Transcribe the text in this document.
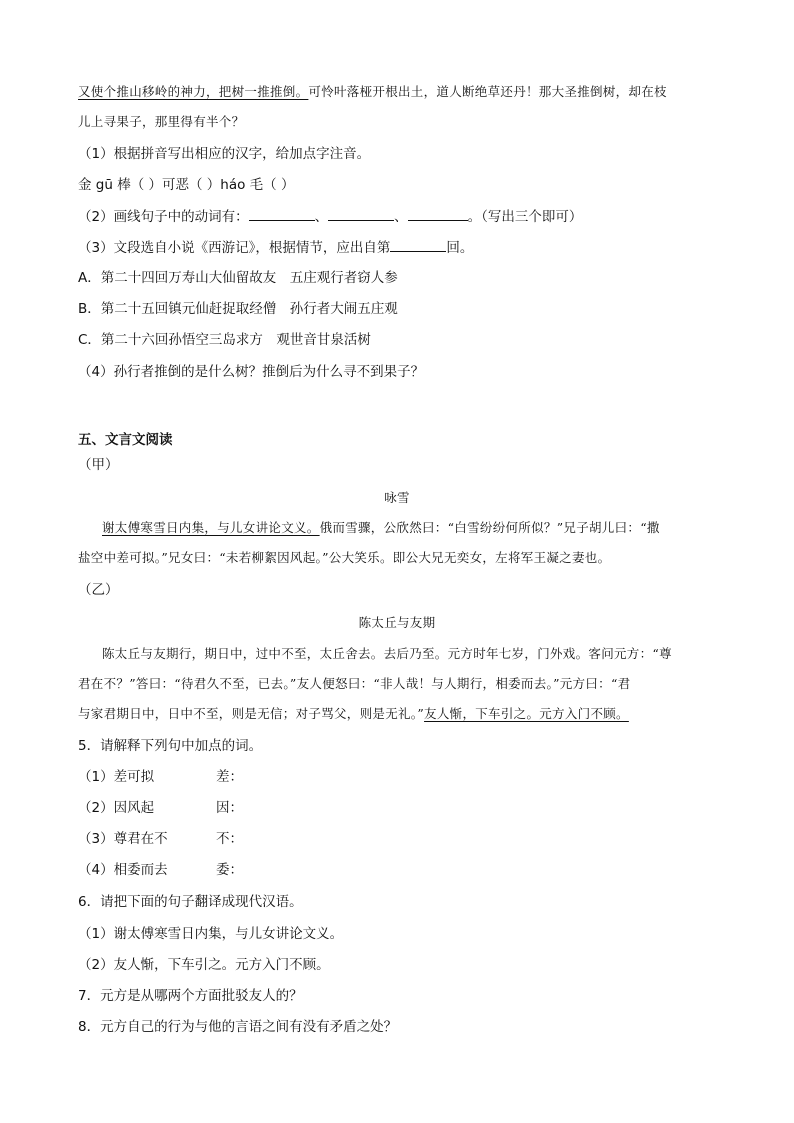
又使个推山移岭的神力，把树一推推倒。可怜叶落桠开根出土，道人断绝草还丹！那大圣推倒树，却在枝
儿上寻果子，那里得有半个？
（1）根据拼音写出相应的汉字，给加点字注音。
金 gū 棒（ ）可恶（ ）háo 毛（ ）
（2）画线句子中的动词有：	、	、	。（写出三个即可）
（3）文段选自小说《西游记》，根据情节，应出自第	回。
A．第二十四回万寿山大仙留故友　五庄观行者窃人参
B．第二十五回镇元仙赶捉取经僧　孙行者大闹五庄观
C．第二十六回孙悟空三岛求方　观世音甘泉活树
（4）孙行者推倒的是什么树？推倒后为什么寻不到果子？
五、文言文阅读
（甲）
咏雪
谢太傅寒雪日内集，与儿女讲论文义。俄而雪骤，公欣然曰：“白雪纷纷何所似？”兄子胡儿曰：“撒
盐空中差可拟。”兄女曰：“未若柳絮因风起。”公大笑乐。即公大兄无奕女，左将军王凝之妻也。
（乙）
陈太丘与友期
陈太丘与友期行，期日中，过中不至，太丘舍去。去后乃至。元方时年七岁，门外戏。客问元方：“尊
君在不？”答曰：“待君久不至，已去。”友人便怒曰：“非人哉！与人期行，相委而去。”元方曰：“君
与家君期日中，日中不至，则是无信；对子骂父，则是无礼。”友人惭，下车引之。元方入门不顾。
5．请解释下列句中加点的词。
（1）差可拟	差：
（2）因风起	因：
（3）尊君在不	不：
（4）相委而去	委：
6．请把下面的句子翻译成现代汉语。
（1）谢太傅寒雪日内集，与儿女讲论文义。
（2）友人惭，下车引之。元方入门不顾。
7．元方是从哪两个方面批驳友人的？
8．元方自己的行为与他的言语之间有没有矛盾之处？
